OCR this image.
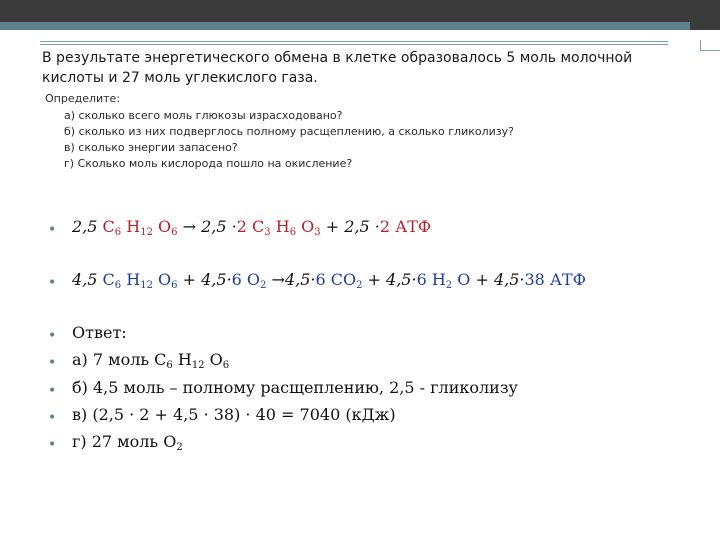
В результате энергетического обмена в клетке образовалось 5 моль молочной кислоты и 27 моль углекислого газа.
Определите:
а) сколько всего моль глюкозы израсходовано?
б) сколько из них подверглось полному расщеплению, а сколько гликолизу?
в) сколько энергии запасено?
г) Сколько моль кислорода пошло на окисление?
• 2,5 $C_6$ $H_{12}$ $O_6 \to 2,5 \cdot 2$ $C_3$ $H_6$ $O_3 + 2,5 \cdot 2$ АТФ
• 4,5 $C_6$ $H_{12}$ $O_6 + 4,5\cdot 6$ $O_2 \to 4,5\cdot 6$ $CO_2 + 4,5\cdot 6$ $H_2$ O + 4,5·38 АТФ
• Ответ:
• а) 7 моль $C_6$ $H_{12}$ $O_6$
• б) 4,5 моль – полному расщеплению, 2,5 - гликолизу
• в) (2,5 · 2 + 4,5 · 38) · 40 = 7040 (кДж)
• г) 27 моль $O_2$
